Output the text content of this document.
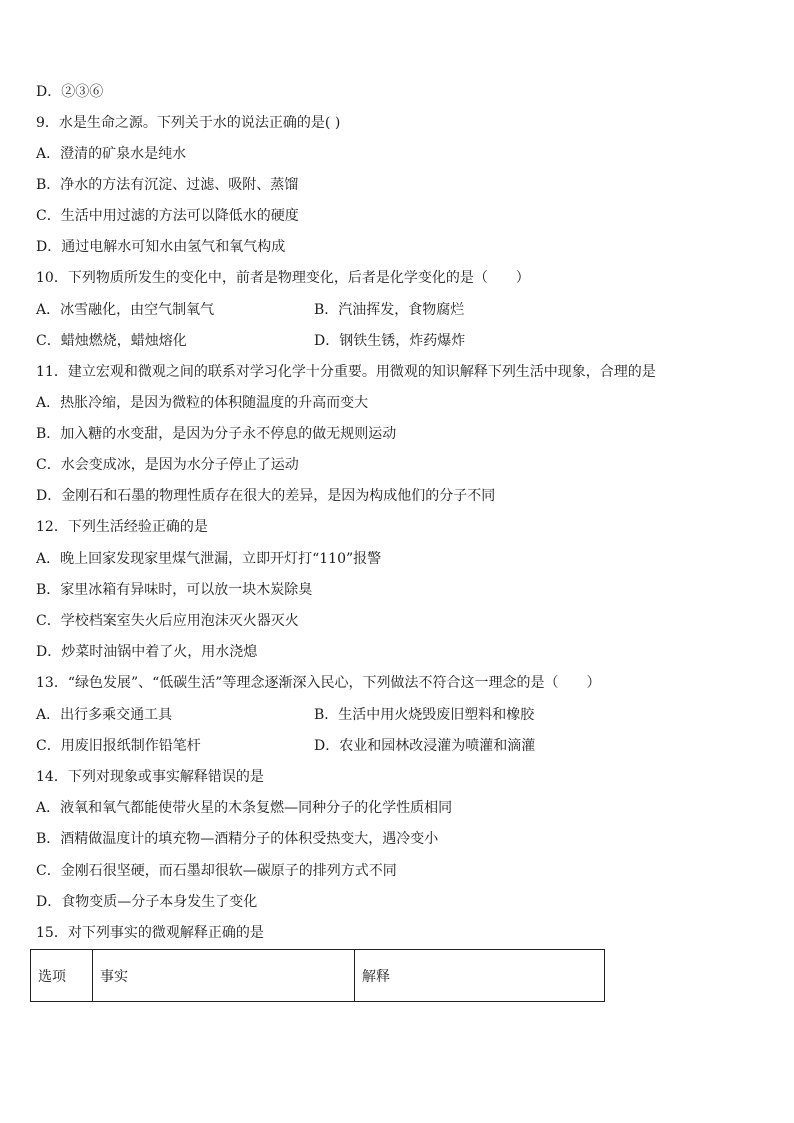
D．②③⑥
9．水是生命之源。下列关于水的说法正确的是( )
A．澄清的矿泉水是纯水
B．净水的方法有沉淀、过滤、吸附、蒸馏
C．生活中用过滤的方法可以降低水的硬度
D．通过电解水可知水由氢气和氧气构成
10．下列物质所发生的变化中，前者是物理变化，后者是化学变化的是（　　）
A．冰雪融化，由空气制氧气	B．汽油挥发，食物腐烂
C．蜡烛燃烧，蜡烛熔化	D．钢铁生锈，炸药爆炸
11．建立宏观和微观之间的联系对学习化学十分重要。用微观的知识解释下列生活中现象，合理的是
A．热胀冷缩，是因为微粒的体积随温度的升高而变大
B．加入糖的水变甜，是因为分子永不停息的做无规则运动
C．水会变成冰，是因为水分子停止了运动
D．金刚石和石墨的物理性质存在很大的差异，是因为构成他们的分子不同
12．下列生活经验正确的是
A．晚上回家发现家里煤气泄漏，立即开灯打“110”报警
B．家里冰箱有异味时，可以放一块木炭除臭
C．学校档案室失火后应用泡沫灭火器灭火
D．炒菜时油锅中着了火，用水浇熄
13．“绿色发展”、“低碳生活”等理念逐渐深入民心，下列做法不符合这一理念的是（　　）
A．出行多乘交通工具	B．生活中用火烧毁废旧塑料和橡胶
C．用废旧报纸制作铅笔杆	D．农业和园林改浸灌为喷灌和滴灌
14．下列对现象或事实解释错误的是
A．液氧和氧气都能使带火星的木条复燃—同种分子的化学性质相同
B．酒精做温度计的填充物—酒精分子的体积受热变大，遇冷变小
C．金刚石很坚硬，而石墨却很软—碳原子的排列方式不同
D．食物变质—分子本身发生了变化
15．对下列事实的微观解释正确的是
选项	事实	解释
